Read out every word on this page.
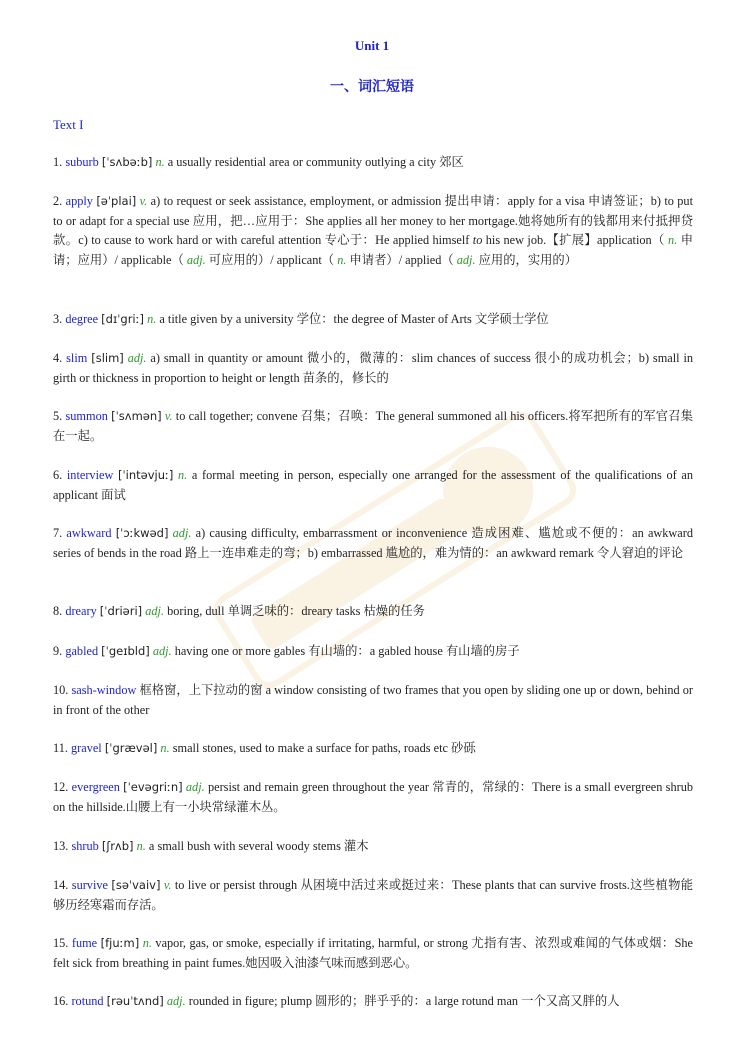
Unit 1
一、词汇短语
Text I
1. suburb [ˈsʌbəːb] n. a usually residential area or community outlying a city 郊区
2. apply [əˈplai] v. a) to request or seek assistance, employment, or admission 提出申请：apply for a visa 申请签证；b) to put to or adapt for a special use 应用，把…应用于：She applies all her money to her mortgage.她将她所有的钱都用来付抵押贷款。c) to cause to work hard or with careful attention 专心于：He applied himself to his new job.【扩展】application（ n. 申请；应用）/ applicable（ adj. 可应用的）/ applicant（ n. 申请者）/ applied（ adj. 应用的，实用的）
3. degree [dɪˈgriː] n. a title given by a university 学位：the degree of Master of Arts 文学硕士学位
4. slim [slim] adj. a) small in quantity or amount 微小的，微薄的：slim chances of success 很小的成功机会；b) small in girth or thickness in proportion to height or length 苗条的，修长的
5. summon [ˈsʌmən] v. to call together; convene 召集；召唤：The general summoned all his officers.将军把所有的军官召集在一起。
6. interview [ˈintəvjuː] n. a formal meeting in person, especially one arranged for the assessment of the qualifications of an applicant 面试
7. awkward [ˈɔːkwəd] adj. a) causing difficulty, embarrassment or inconvenience 造成困难、尴尬或不便的：an awkward series of bends in the road 路上一连串难走的弯；b) embarrassed 尴尬的，难为情的：an awkward remark 令人窘迫的评论
8. dreary [ˈdriəri] adj. boring, dull 单调乏味的：dreary tasks 枯燥的任务
9. gabled [ˈgeɪbld] adj. having one or more gables 有山墙的：a gabled house 有山墙的房子
10. sash-window 框格窗，上下拉动的窗 a window consisting of two frames that you open by sliding one up or down, behind or in front of the other
11. gravel [ˈgrævəl] n. small stones, used to make a surface for paths, roads etc 砂砾
12. evergreen [ˈevəgriːn] adj. persist and remain green throughout the year 常青的，常绿的：There is a small evergreen shrub on the hillside.山腰上有一小块常绿灌木丛。
13. shrub [ʃrʌb] n. a small bush with several woody stems 灌木
14. survive [səˈvaiv] v. to live or persist through 从困境中活过来或挺过来：These plants that can survive frosts.这些植物能够历经寒霜而存活。
15. fume [fjuːm] n. vapor, gas, or smoke, especially if irritating, harmful, or strong 尤指有害、浓烈或难闻的气体或烟：She felt sick from breathing in paint fumes.她因吸入油漆气味而感到恶心。
16. rotund [rəuˈtʌnd] adj. rounded in figure; plump 圆形的；胖乎乎的：a large rotund man 一个又高又胖的人
